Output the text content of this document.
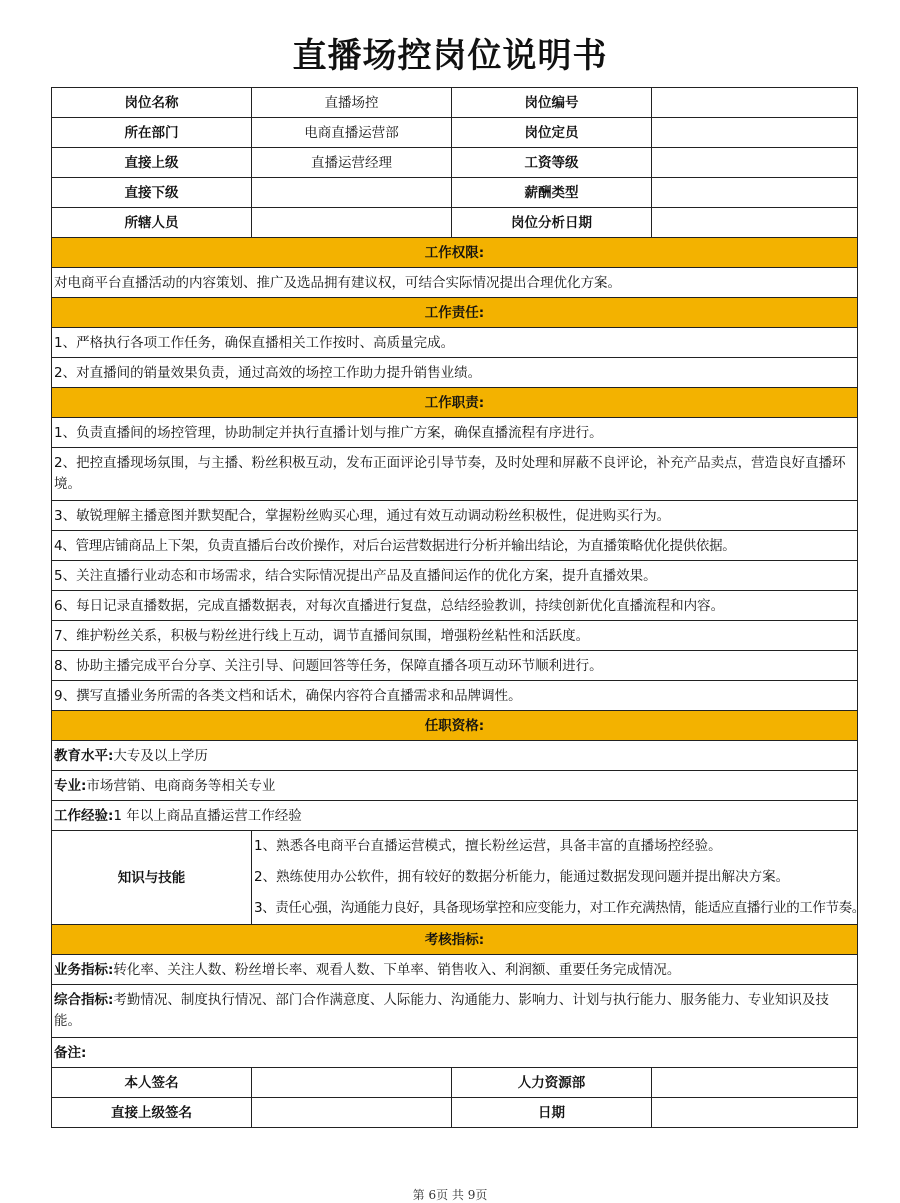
直播场控岗位说明书
岗位名称	直播场控	岗位编号	
所在部门	电商直播运营部	岗位定员	
直接上级	直播运营经理	工资等级	
直接下级		薪酬类型	
所辖人员		岗位分析日期	
工作权限:			
对电商平台直播活动的内容策划、推广及选品拥有建议权，可结合实际情况提出合理优化方案。			
工作责任:			
1、严格执行各项工作任务，确保直播相关工作按时、高质量完成。			
2、对直播间的销量效果负责，通过高效的场控工作助力提升销售业绩。			
工作职责:			
1、负责直播间的场控管理，协助制定并执行直播计划与推广方案，确保直播流程有序进行。			
2、把控直播现场氛围，与主播、粉丝积极互动，发布正面评论引导节奏，及时处理和屏蔽不良评论，补充产品卖点，营造良好直播环境。			
3、敏锐理解主播意图并默契配合，掌握粉丝购买心理，通过有效互动调动粉丝积极性，促进购买行为。			
4、管理店铺商品上下架，负责直播后台改价操作，对后台运营数据进行分析并输出结论，为直播策略优化提供依据。			
5、关注直播行业动态和市场需求，结合实际情况提出产品及直播间运作的优化方案，提升直播效果。			
6、每日记录直播数据，完成直播数据表，对每次直播进行复盘，总结经验教训，持续创新优化直播流程和内容。			
7、维护粉丝关系，积极与粉丝进行线上互动，调节直播间氛围，增强粉丝粘性和活跃度。			
8、协助主播完成平台分享、关注引导、问题回答等任务，保障直播各项互动环节顺利进行。			
9、撰写直播业务所需的各类文档和话术，确保内容符合直播需求和品牌调性。			
任职资格:			
教育水平:大专及以上学历			
专业:市场营销、电商商务等相关专业			
工作经验:1 年以上商品直播运营工作经验			
知识与技能	1、熟悉各电商平台直播运营模式，擅长粉丝运营，具备丰富的直播场控经验。
2、熟练使用办公软件，拥有较好的数据分析能力，能通过数据发现问题并提出解决方案。
3、责任心强，沟通能力良好，具备现场掌控和应变能力，对工作充满热情，能适应直播行业的工作节奏。		

考核指标:			
业务指标:转化率、关注人数、粉丝增长率、观看人数、下单率、销售收入、利润额、重要任务完成情况。			
综合指标:考勤情况、制度执行情况、部门合作满意度、人际能力、沟通能力、影响力、计划与执行能力、服务能力、专业知识及技能。			
备注:			
本人签名		人力资源部	
直接上级签名		日期	
第 6页 共 9页
